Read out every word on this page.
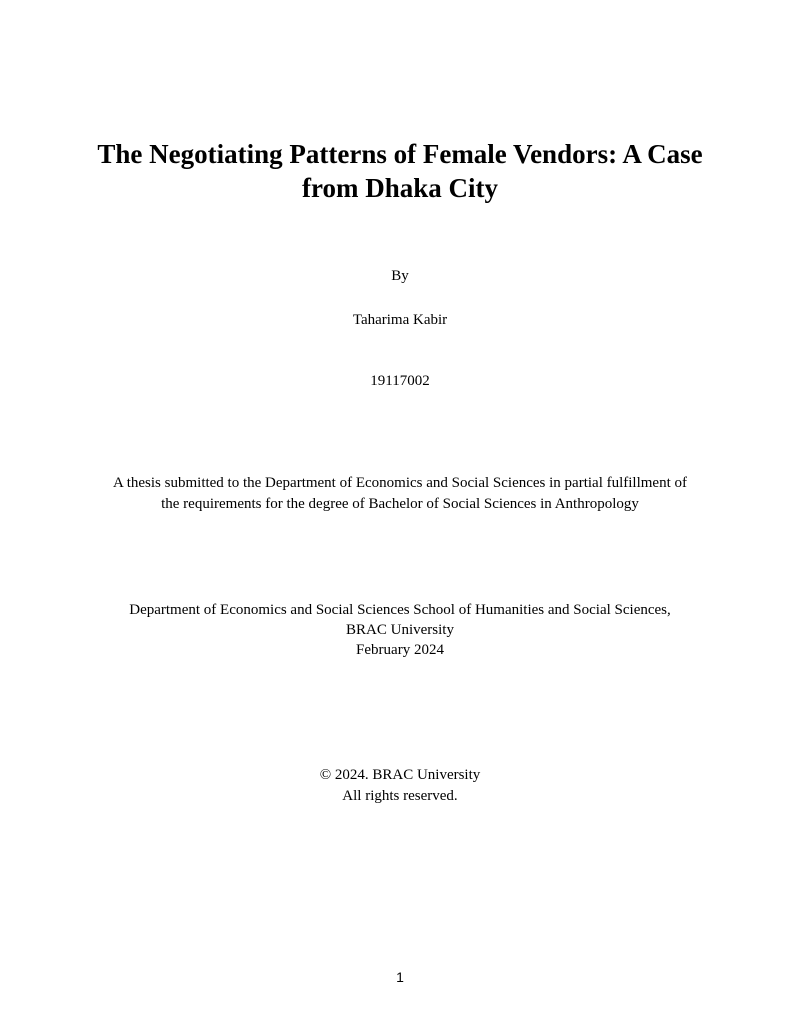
The Negotiating Patterns of Female Vendors: A Case
from Dhaka City
By
Taharima Kabir
19117002
A thesis submitted to the Department of Economics and Social Sciences in partial fulfillment of
the requirements for the degree of Bachelor of Social Sciences in Anthropology
Department of Economics and Social Sciences School of Humanities and Social Sciences,
BRAC University
February 2024
© 2024. BRAC University
All rights reserved.
1
